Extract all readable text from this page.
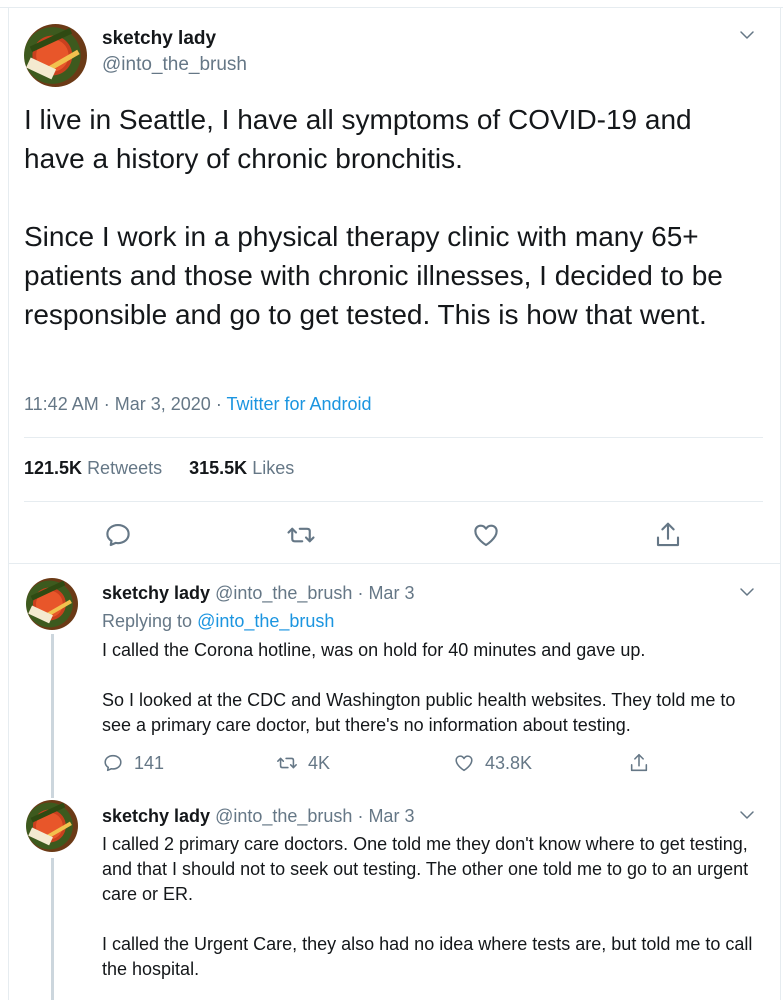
sketchy lady
@into_the_brush

I live in Seattle, I have all symptoms of COVID-19 and have a history of chronic bronchitis.

Since I work in a physical therapy clinic with many 65+ patients and those with chronic illnesses, I decided to be responsible and go to get tested. This is how that went.

11:42 AM · Mar 3, 2020 · Twitter for Android
121.5K Retweets 315.5K Likes
sketchy lady @into_the_brush · Mar 3
Replying to @into_the_brush

I called the Corona hotline, was on hold for 40 minutes and gave up.

So I looked at the CDC and Washington public health websites. They told me to see a primary care doctor, but there's no information about testing.

141	4K	43.8K
sketchy lady @into_the_brush · Mar 3

I called 2 primary care doctors. One told me they don't know where to get testing, and that I should not to seek out testing. The other one told me to go to an urgent care or ER.

I called the Urgent Care, they also had no idea where tests are, but told me to call the hospital.
